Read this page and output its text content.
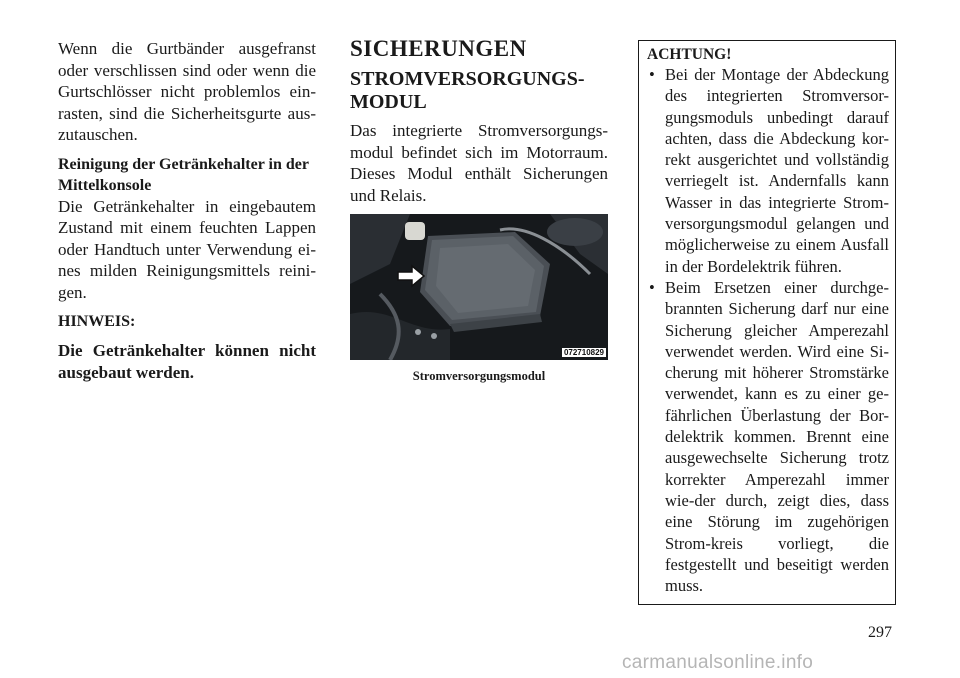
Wenn die Gurtbänder ausgefranst oder verschlissen sind oder wenn die Gurtschlösser nicht problemlos ein-rasten, sind die Sicherheitsgurte aus-zutauschen.

Reinigung der Getränkehalter in der Mittelkonsole

Die Getränkehalter in eingebautem Zustand mit einem feuchten Lappen oder Handtuch unter Verwendung ei-nes milden Reinigungsmittels reini-gen.

HINWEIS:

Die Getränkehalter können nicht ausgebaut werden.

SICHERUNGEN
STROMVERSORGUNGS-MODUL

Das integrierte Stromversorgungs-modul befindet sich im Motorraum. Dieses Modul enthält Sicherungen und Relais.

072710829
Stromversorgungsmodul
ACHTUNG!
• Bei der Montage der Abdeckung des integrierten Stromversor-gungsmoduls unbedingt darauf achten, dass die Abdeckung kor-rekt ausgerichtet und vollständig verriegelt ist. Andernfalls kann Wasser in das integrierte Strom-versorgungsmodul gelangen und möglicherweise zu einem Ausfall in der Bordelektrik führen.
• Beim Ersetzen einer durchge-brannten Sicherung darf nur eine Sicherung gleicher Amperezahl verwendet werden. Wird eine Si-cherung mit höherer Stromstärke verwendet, kann es zu einer ge-fährlichen Überlastung der Bor-delektrik kommen. Brennt eine ausgewechselte Sicherung trotz korrekter Amperezahl immer wie-der durch, zeigt dies, dass eine Störung im zugehörigen Strom-kreis vorliegt, die festgestellt und beseitigt werden muss.
297
carmanualsonline.info
